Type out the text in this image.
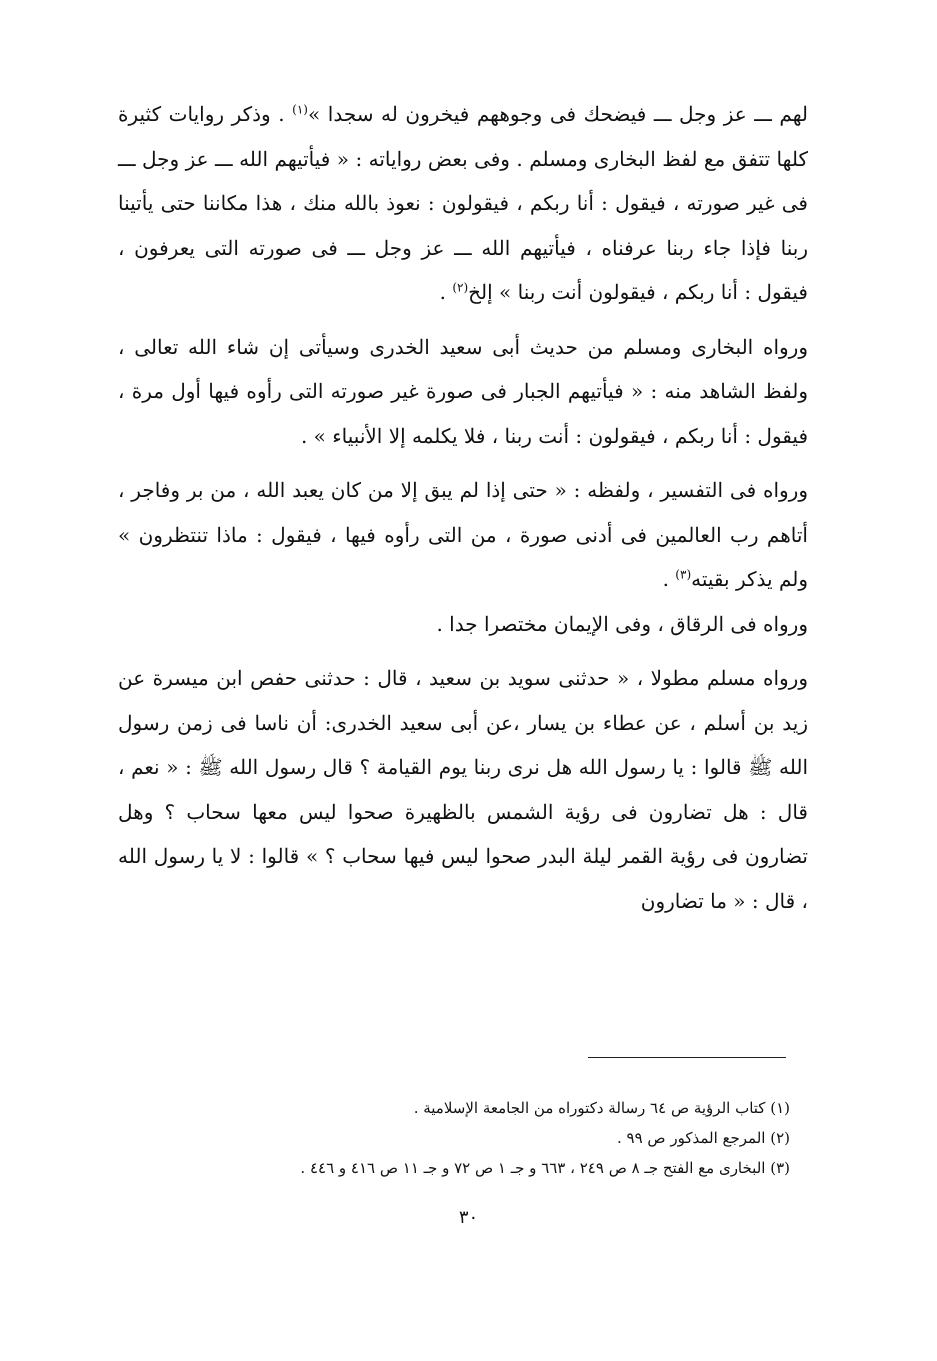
لهم ـــ عز وجل ـــ فيضحك فى وجوههم فيخرون له سجدا »$^{(١)}$ . وذكر روايات كثيرة كلها تتفق مع لفظ البخارى ومسلم . وفى بعض رواياته : « فيأتيهم الله ـــ عز وجل ـــ فى غير صورته ، فيقول : أنا ربكم ، فيقولون : نعوذ بالله منك ، هذا مكاننا حتى يأتينا ربنا فإذا جاء ربنا عرفناه ، فيأتيهم الله ـــ عز وجل ـــ فى صورته التى يعرفون ، فيقول : أنا ربكم ، فيقولون أنت ربنا » إلخ$^{(٢)}$ .

ورواه البخارى ومسلم من حديث أبى سعيد الخدرى وسيأتى إن شاء الله تعالى ، ولفظ الشاهد منه : « فيأتيهم الجبار فى صورة غير صورته التى رأوه فيها أول مرة ، فيقول : أنا ربكم ، فيقولون : أنت ربنا ، فلا يكلمه إلا الأنبياء » .

ورواه فى التفسير ، ولفظه : « حتى إذا لم يبق إلا من كان يعبد الله ، من بر وفاجر ، أتاهم رب العالمين فى أدنى صورة ، من التى رأوه فيها ، فيقول : ماذا تنتظرون » ولم يذكر بقيته$^{(٣)}$ .

ورواه فى الرقاق ، وفى الإيمان مختصرا جدا .

ورواه مسلم مطولا ، « حدثنى سويد بن سعيد ، قال : حدثنى حفص ابن ميسرة عن زيد بن أسلم ، عن عطاء بن يسار ،عن أبى سعيد الخدرى: أن ناسا فى زمن رسول الله ﷺ قالوا : يا رسول الله هل نرى ربنا يوم القيامة ؟ قال رسول الله ﷺ : « نعم ، قال : هل تضارون فى رؤية الشمس بالظهيرة صحوا ليس معها سحاب ؟ وهل تضارون فى رؤية القمر ليلة البدر صحوا ليس فيها سحاب ؟ » قالوا : لا يا رسول الله ، قال : « ما تضارون

(١) كتاب الرؤية ص ٦٤ رسالة دكتوراه من الجامعة الإسلامية .

(٢) المرجع المذكور ص ٩٩ .

(٣) البخارى مع الفتح جـ ٨ ص ٢٤٩ ، ٦٦٣ و جـ ١ ص ٧٢ و جـ ١١ ص ٤١٦ و ٤٤٦ .

٣٠
